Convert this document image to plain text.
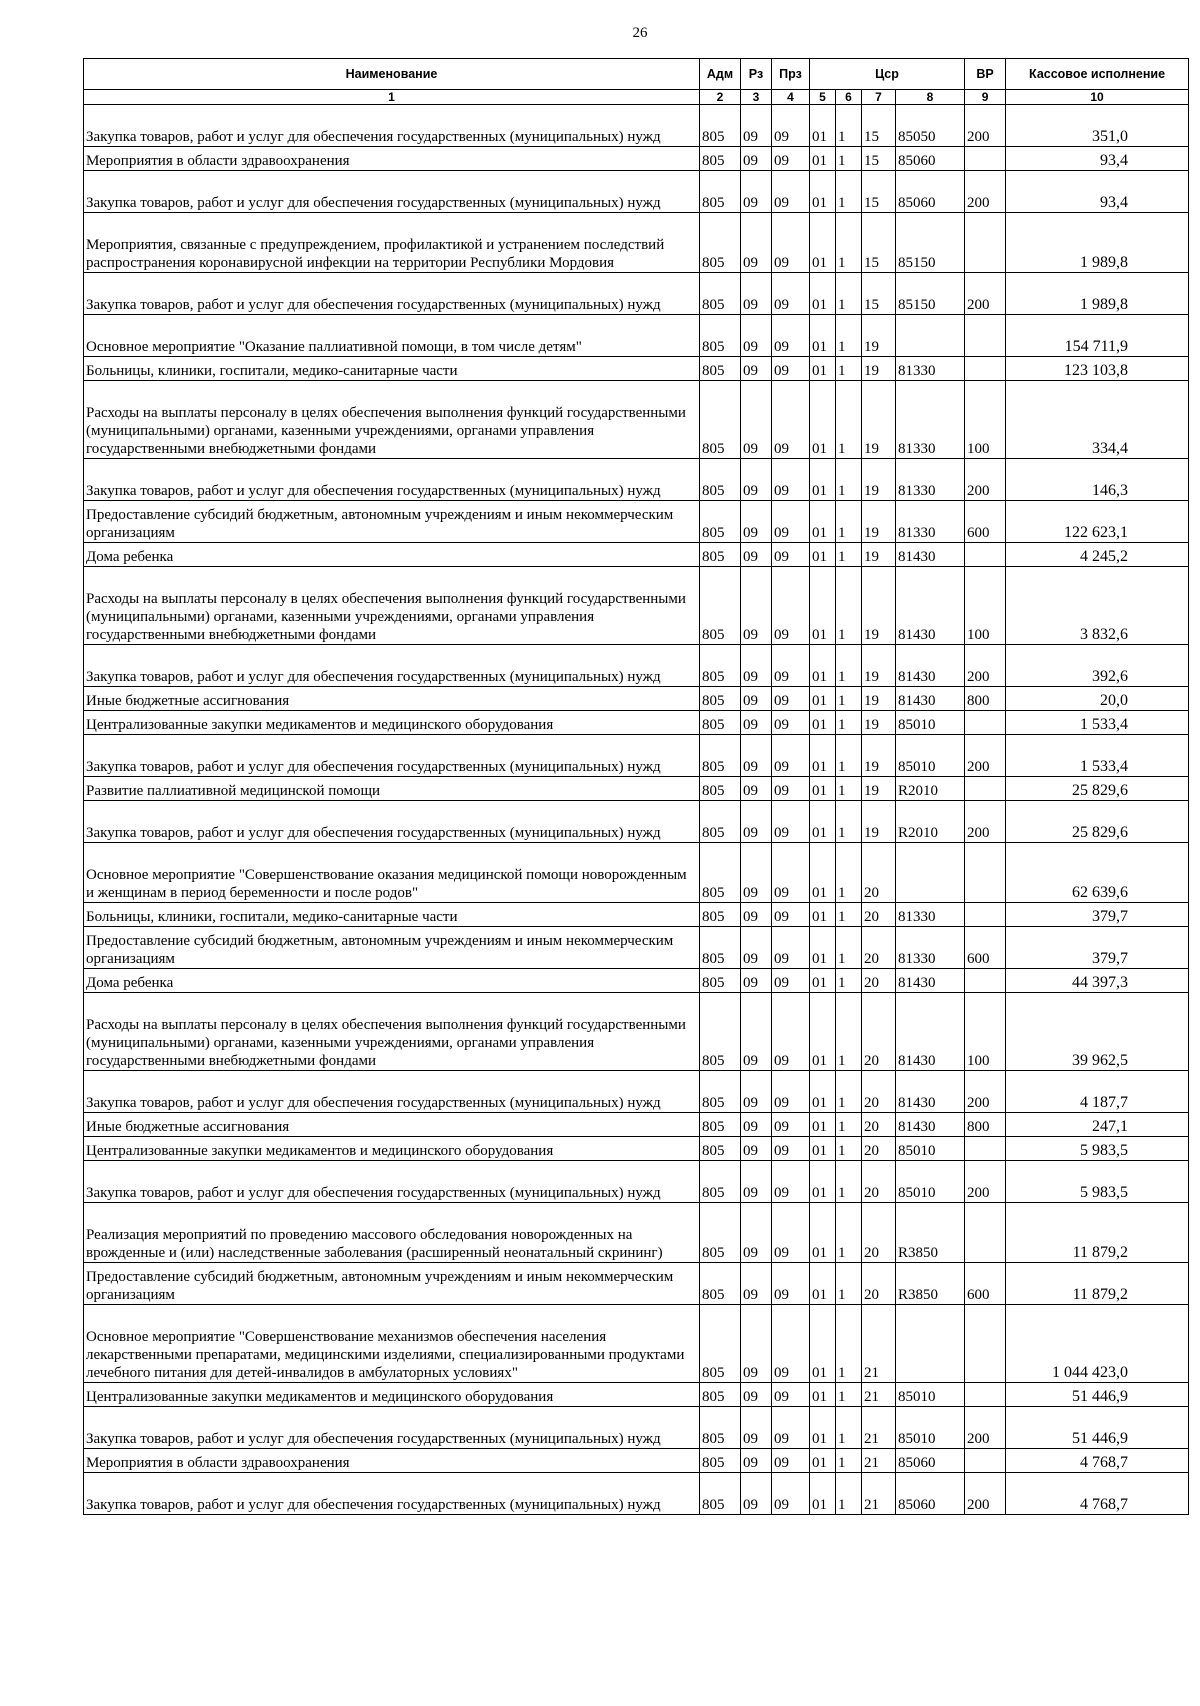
26
Наименование	Адм	Рз	Прз	Цср				ВР	Кассовое исполнение
1	2	3	4	5	6	7	8	9	10
Закупка товаров, работ и услуг для обеспечения государственных (муниципальных) нужд	805	09	09	01	1	15	85050	200	351,0
Мероприятия в области здравоохранения	805	09	09	01	1	15	85060		93,4
Закупка товаров, работ и услуг для обеспечения государственных (муниципальных) нужд	805	09	09	01	1	15	85060	200	93,4
Мероприятия, связанные с предупреждением, профилактикой и устранением последствий распространения коронавирусной инфекции на территории Республики Мордовия	805	09	09	01	1	15	85150		1 989,8
Закупка товаров, работ и услуг для обеспечения государственных (муниципальных) нужд	805	09	09	01	1	15	85150	200	1 989,8
Основное мероприятие "Оказание паллиативной помощи, в том числе детям"	805	09	09	01	1	19			154 711,9
Больницы, клиники, госпитали, медико-санитарные части	805	09	09	01	1	19	81330		123 103,8
Расходы на выплаты персоналу в целях обеспечения выполнения функций государственными (муниципальными) органами, казенными учреждениями, органами управления государственными внебюджетными фондами	805	09	09	01	1	19	81330	100	334,4
Закупка товаров, работ и услуг для обеспечения государственных (муниципальных) нужд	805	09	09	01	1	19	81330	200	146,3
Предоставление субсидий бюджетным, автономным учреждениям и иным некоммерческим организациям	805	09	09	01	1	19	81330	600	122 623,1
Дома ребенка	805	09	09	01	1	19	81430		4 245,2
Расходы на выплаты персоналу в целях обеспечения выполнения функций государственными (муниципальными) органами, казенными учреждениями, органами управления государственными внебюджетными фондами	805	09	09	01	1	19	81430	100	3 832,6
Закупка товаров, работ и услуг для обеспечения государственных (муниципальных) нужд	805	09	09	01	1	19	81430	200	392,6
Иные бюджетные ассигнования	805	09	09	01	1	19	81430	800	20,0
Централизованные закупки медикаментов и медицинского оборудования	805	09	09	01	1	19	85010		1 533,4
Закупка товаров, работ и услуг для обеспечения государственных (муниципальных) нужд	805	09	09	01	1	19	85010	200	1 533,4
Развитие паллиативной медицинской помощи	805	09	09	01	1	19	R2010		25 829,6
Закупка товаров, работ и услуг для обеспечения государственных (муниципальных) нужд	805	09	09	01	1	19	R2010	200	25 829,6
Основное мероприятие "Совершенствование оказания медицинской помощи новорожденным и женщинам в период беременности и после родов"	805	09	09	01	1	20			62 639,6
Больницы, клиники, госпитали, медико-санитарные части	805	09	09	01	1	20	81330		379,7
Предоставление субсидий бюджетным, автономным учреждениям и иным некоммерческим организациям	805	09	09	01	1	20	81330	600	379,7
Дома ребенка	805	09	09	01	1	20	81430		44 397,3
Расходы на выплаты персоналу в целях обеспечения выполнения функций государственными (муниципальными) органами, казенными учреждениями, органами управления государственными внебюджетными фондами	805	09	09	01	1	20	81430	100	39 962,5
Закупка товаров, работ и услуг для обеспечения государственных (муниципальных) нужд	805	09	09	01	1	20	81430	200	4 187,7
Иные бюджетные ассигнования	805	09	09	01	1	20	81430	800	247,1
Централизованные закупки медикаментов и медицинского оборудования	805	09	09	01	1	20	85010		5 983,5
Закупка товаров, работ и услуг для обеспечения государственных (муниципальных) нужд	805	09	09	01	1	20	85010	200	5 983,5
Реализация мероприятий по проведению массового обследования новорожденных на врожденные и (или) наследственные заболевания (расширенный неонатальный скрининг)	805	09	09	01	1	20	R3850		11 879,2
Предоставление субсидий бюджетным, автономным учреждениям и иным некоммерческим организациям	805	09	09	01	1	20	R3850	600	11 879,2
Основное мероприятие "Совершенствование механизмов обеспечения населения лекарственными препаратами, медицинскими изделиями, специализированными продуктами лечебного питания для детей-инвалидов в амбулаторных условиях"	805	09	09	01	1	21			1 044 423,0
Централизованные закупки медикаментов и медицинского оборудования	805	09	09	01	1	21	85010		51 446,9
Закупка товаров, работ и услуг для обеспечения государственных (муниципальных) нужд	805	09	09	01	1	21	85010	200	51 446,9
Мероприятия в области здравоохранения	805	09	09	01	1	21	85060		4 768,7
Закупка товаров, работ и услуг для обеспечения государственных (муниципальных) нужд	805	09	09	01	1	21	85060	200	4 768,7
